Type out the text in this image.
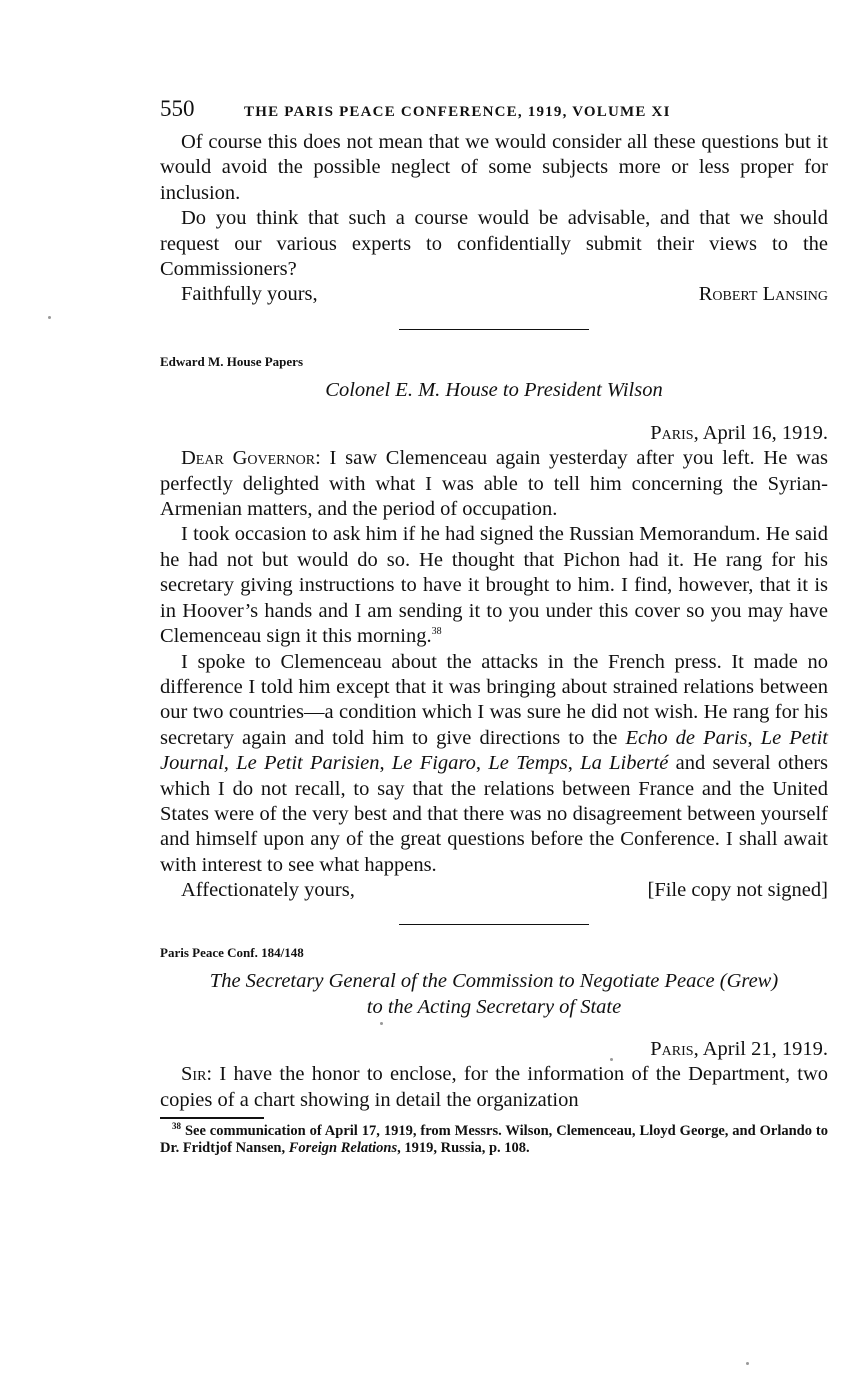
550	THE PARIS PEACE CONFERENCE, 1919, VOLUME XI

Of course this does not mean that we would consider all these questions but it would avoid the possible neglect of some subjects more or less proper for inclusion.

Do you think that such a course would be advisable, and that we should request our various experts to confidentially submit their views to the Commissioners?

Faithfully yours,	Robert Lansing
Edward M. House Papers
Colonel E. M. House to President Wilson
Paris, April 16, 1919.

Dear Governor: I saw Clemenceau again yesterday after you left. He was perfectly delighted with what I was able to tell him concerning the Syrian-Armenian matters, and the period of occupation.

I took occasion to ask him if he had signed the Russian Memorandum. He said he had not but would do so. He thought that Pichon had it. He rang for his secretary giving instructions to have it brought to him. I find, however, that it is in Hoover’s hands and I am sending it to you under this cover so you may have Clemenceau sign it this morning.$^{38}$

I spoke to Clemenceau about the attacks in the French press. It made no difference I told him except that it was bringing about strained relations between our two countries—a condition which I was sure he did not wish. He rang for his secretary again and told him to give directions to the Echo de Paris, Le Petit Journal, Le Petit Parisien, Le Figaro, Le Temps, La Liberté and several others which I do not recall, to say that the relations between France and the United States were of the very best and that there was no disagreement between yourself and himself upon any of the great questions before the Conference. I shall await with interest to see what happens.

Affectionately yours,	[File copy not signed]
Paris Peace Conf. 184/148
The Secretary General of the Commission to Negotiate Peace (Grew)
to the Acting Secretary of State
Paris, April 21, 1919.

Sir: I have the honor to enclose, for the information of the Department, two copies of a chart showing in detail the organization

$^{38}$ See communication of April 17, 1919, from Messrs. Wilson, Clemenceau, Lloyd George, and Orlando to Dr. Fridtjof Nansen, Foreign Relations, 1919, Russia, p. 108.
